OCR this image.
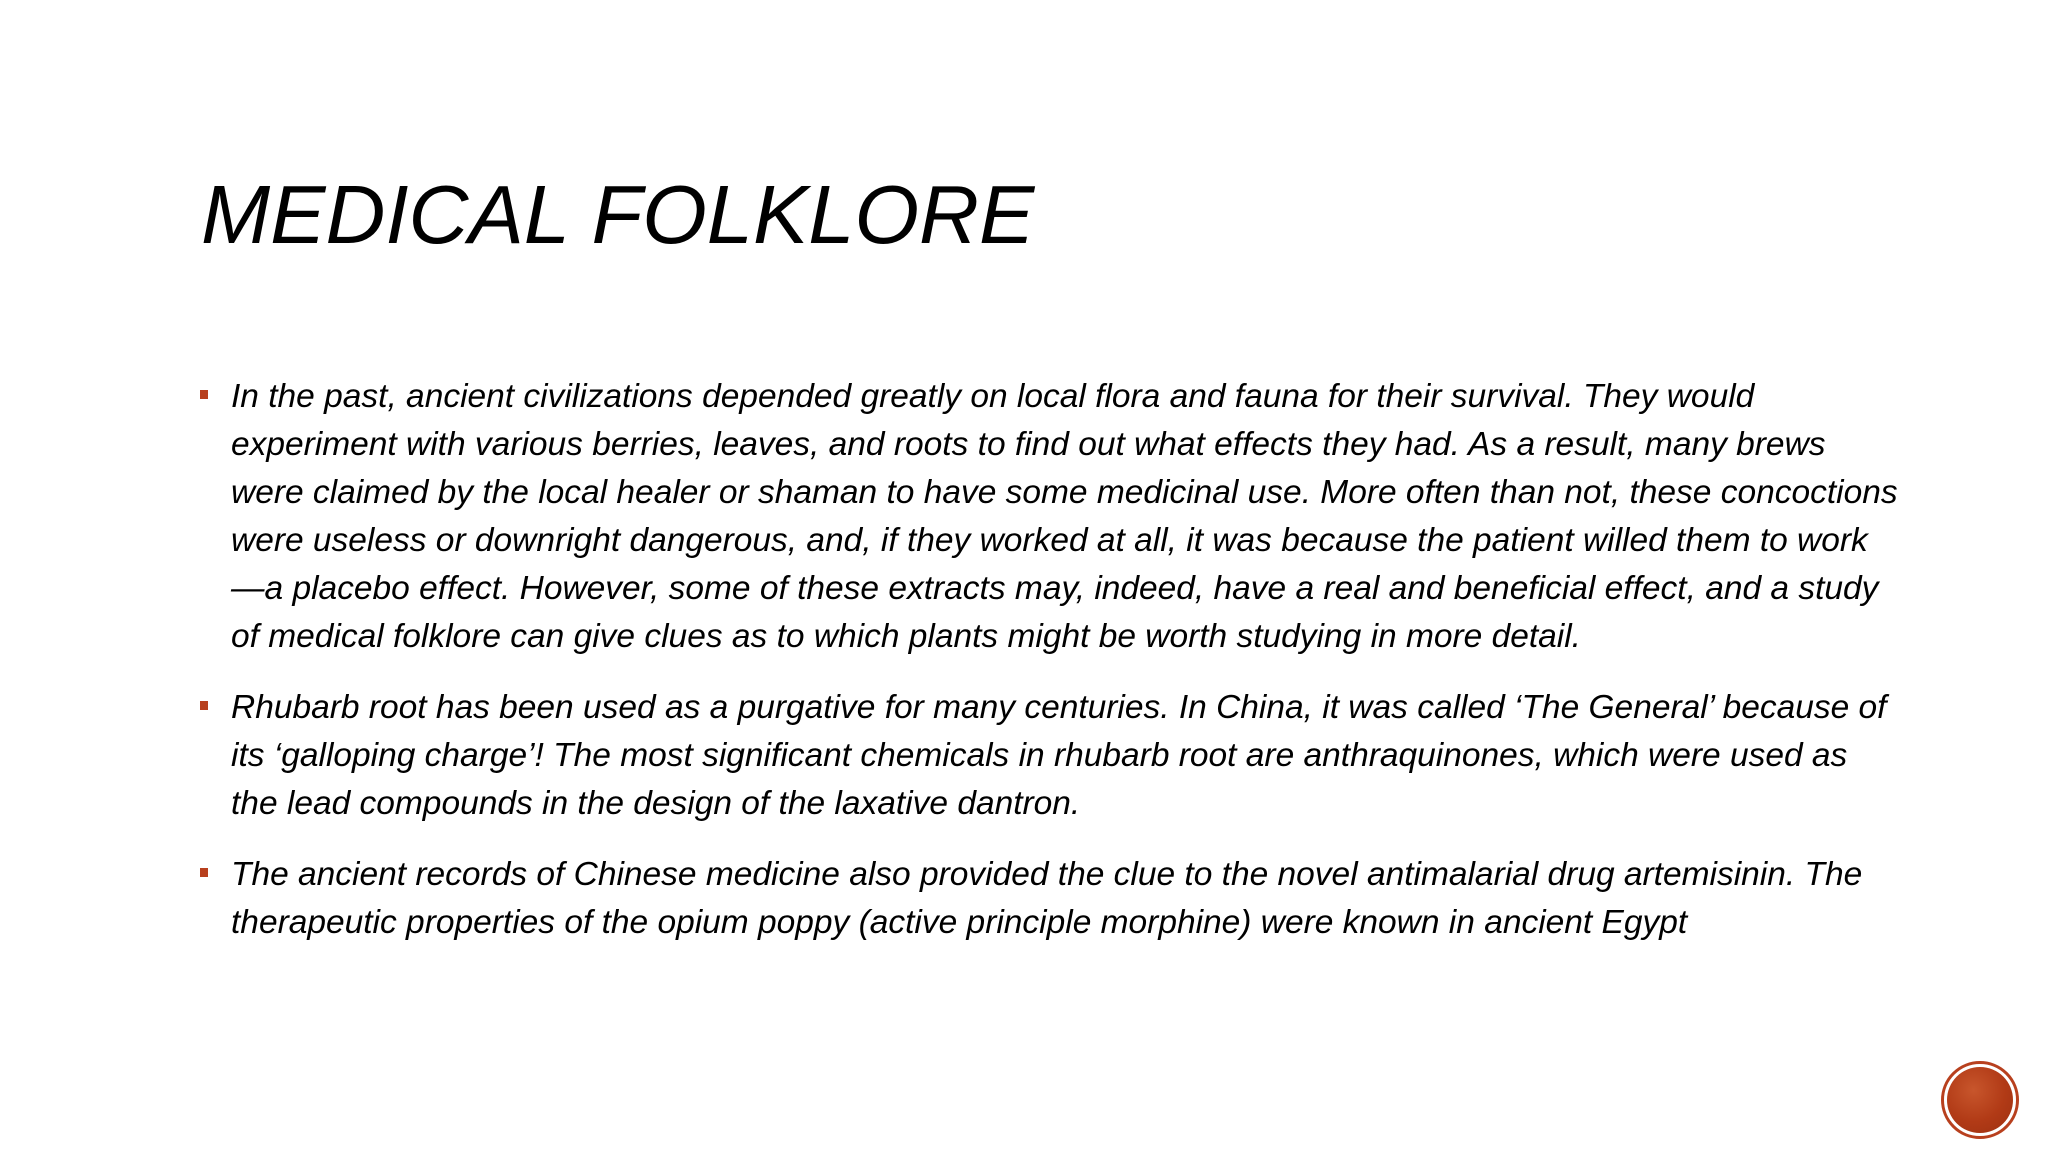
MEDICAL FOLKLORE
In the past, ancient civilizations depended greatly on local flora and fauna for their survival. They would experiment with various berries, leaves, and roots to find out what effects they had. As a result, many brews were claimed by the local healer or shaman to have some medicinal use. More often than not, these concoctions were useless or downright dangerous, and, if they worked at all, it was because the patient willed them to work—a placebo effect. However, some of these extracts may, indeed, have a real and beneficial effect, and a study of medical folklore can give clues as to which plants might be worth studying in more detail.
Rhubarb root has been used as a purgative for many centuries. In China, it was called ‘The General’ because of its ‘galloping charge’! The most significant chemicals in rhubarb root are anthraquinones, which were used as the lead compounds in the design of the laxative dantron.
The ancient records of Chinese medicine also provided the clue to the novel antimalarial drug artemisinin. The therapeutic properties of the opium poppy (active principle morphine) were known in ancient Egypt
